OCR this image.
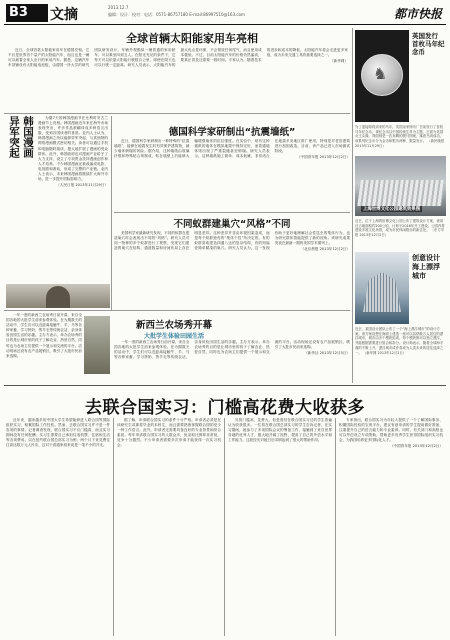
B3 文摘	2013.12.7
编辑：设计：校对：电话：0571-86757180 E-mail:86997510@163.com	都市快报
全球首辆太阳能家用车亮相

近日，全球首款太阳能家用车在德国亮相。它不仅是世界首个量产的太阳能汽车，而且也是一辆可以载着全家人出行的家用汽车。据悉，这辆汽车车顶铺设有太阳能电池板，由德国一所大学的研究团队研发设计。车辆外观酷似一辆普通的家用轿车，可以乘坐四到五人。在阳光充足的条件下，它每天可以依靠太阳能行驶数百公里，即使在阴天也可以行驶一定距离。研究人员表示，太阳能汽车的最大优点是环保，不会排放任何尾气，而且使用成本极低。不过，目前太阳能汽车的价格仍然偏高，要真正普及还需要一段时间。专家认为，随着技术的进步和成本的降低，太阳能汽车将会走进更多家庭，成为未来交通工具的重要选择之一。

（新华网）

韩国漫画
异军突起	为期7天的韩国漫画节在比利时安古兰漫画节上亮相。韩国漫画近年来在海外市场表现突出，许多作品被翻译成多种语言出版，受到各国读者的喜爱。业内人士认为，韩国漫画之所以能够异军突起，与其独特的网络漫画模式密切相关。读者可以通过手机和电脑随时阅读，极大地扩展了漫画的受众群体。此外，韩国政府也对漫画产业给予了大力支持，设立了专项资金扶持漫画创作和人才培养。不少韩国漫画还被改编成电影、电视剧和游戏，形成了完整的产业链。业内人士表示，未来韩国漫画将继续扩大海外市场，进一步提升国际影响力。

（人民日报 2013年11月29日）

德国科学家研制出“抗震墙纸”

近日，德国科学家研制出一种特殊的“抗震墙纸”，能够在地震发生时有效保护建筑物，减少墙体倒塌的风险。据介绍，这种墙纸由玻璃纤维和特殊粘合剂制成，贴在墙壁上后能够大幅增强墙体的抗拉强度。在实验中，贴有这种墙纸的墙体在模拟地震中保持完好，而普通墙体则出现了严重裂缝甚至倒塌。研究人员表示，这种墙纸施工简单、成本低廉，非常适合在地震多发地区推广使用，特别是对老旧建筑进行加固改造。目前，该产品已进入市场测试阶段。

（中国青年报 2013年12月2日）

不同蚁群建巢穴“风格”不同

美国科学家最新研究发现，不同的蚁群在建造巢穴时会表现出不同的“风格”。研究人员对同一物种的多个蚁群进行了观察，发现它们建造的巢穴在结构、通道数量和房间布局上存在明显差异。这种差异并非由环境因素造成，而是每个蚁群独有的“集体个性”所决定的。有的蚁群喜欢建造四通八达的复杂结构，有的则偏爱简单紧凑的巢穴。研究人员认为，这一发现有助于更好地理解社会性昆虫的集体行为，也为研究群体智能提供了新的视角。该研究成果发表在最新一期的美国学术期刊上。

（北京晨报 2013年12月2日）

一年一度的新西兰农场秀日前开幕，来自全国各地的大批学生前来参观体验。在为期数天的活动中，学生们可以近距离接触牛、羊、马等各种家畜，学习挤奶、剪羊毛等传统农活，亲身体验田园生活的乐趣。主办方表示，举办农场秀的目的是让城市里的孩子了解农业、热爱自然，同时也为农场主们提供一个展示和交流的平台。活动现场还设有农产品展销区，吸引了大批市民前来选购。

新西兰农场秀开幕
大批学生体验田园生活

一年一度的新西兰农场秀日前开幕，来自全国各地的大批学生前来参观体验。在为期数天的活动中，学生们可以近距离接触牛、羊、马等各种家畜，学习挤奶、剪羊毛等传统农活，亲身体验田园生活的乐趣。主办方表示，举办农场秀的目的是让城市里的孩子了解农业、热爱自然，同时也为农场主们提供一个展示和交流的平台。活动现场还设有农产品展销区，吸引了大批市民前来选购。

（新华社 2013年12月5日）

♞
英国发行
首枚马年纪念币
为了迎接即将到来的马年，英国皇家铸币厂日前发行了首枚马年纪念币。该纪念币以中国传统生肖为主题，正面为英国女王头像，背面则是一匹奔腾的骏马图案，寓意马到成功。该系列纪念币分为金币和银币两种，限量发行。 （新民晚报 2013年11月29日）
上海世博文化公园建筑效果图
近日，位于上海的世博文化公园公布了建筑设计方案，该项目占地面积约200公顷，计划于2016年开工建设。公园内将建设多座文化场馆，成为市民休闲娱乐的新去处。 （东方早报 2013年12月2日）
创意设计
海上漂浮
城市
近日，某国设计团队公布了一个“海上漂浮城市”的设计方案。该方案设想在海面上建造一座可以容纳数万人居住的漂浮城市，城市由多个模块组成，每个模块都可以独立漂浮，并能根据需要进行组合和拆分。设计师表示，随着全球海平面的不断上升，漂浮城市或许将成为人类未来的居住选择之一。 （新华网 2013年12月2日）
去联合国实习：门槛高花费大收获多

近年来，越来越多的中国大学生希望能够进入联合国等国际组织实习，积累国际工作经验。然而，去联合国实习并不是一件容易的事情。记者调查发现，联合国实习不仅门槛高，而且实习期间没有任何报酬，实习生需要自己承担往返机票、住宿和生活等各项费用。以在纽约联合国总部实习为例，两个月下来花费往往高达数万元人民币，这对于普通家庭来说是一笔不小的开支。

据了解，申请联合国实习的条件十分严格。申请者必须是在读研究生或即将毕业的本科生，而且需要熟练掌握联合国的至少一种工作语言。此外，申请者还需要具备良好的专业背景和综合素质。每年申请联合国实习的人数众多，但录取比例却非常低，竞争十分激烈。不少申请者需要多次申请才能获得一次实习机会。

尽管门槛高、花费大，但是曾经在联合国实习过的学生普遍认为收获很多。一位曾在联合国总部实习的学生告诉记者，在实习期间，她参与了多项国际会议的筹备工作，接触到了来自世界各地的优秀人才，极大地开阔了视野，提高了自己的外语水平和工作能力。这段经历对她日后求职起到了很大的帮助作用。

专家指出，联合国实习为年轻人提供了一个了解国际事务、积累国际经验的宝贵平台。建议有意申请的学生提前做好准备，注重提升自己的语言能力和专业素养。同时，有关部门和高校也可以考虑设立专项资助，帮助更多优秀学生获得国际组织实习机会，为我国培养更多国际化人才。

（中国青年报 2013年12月2日）
